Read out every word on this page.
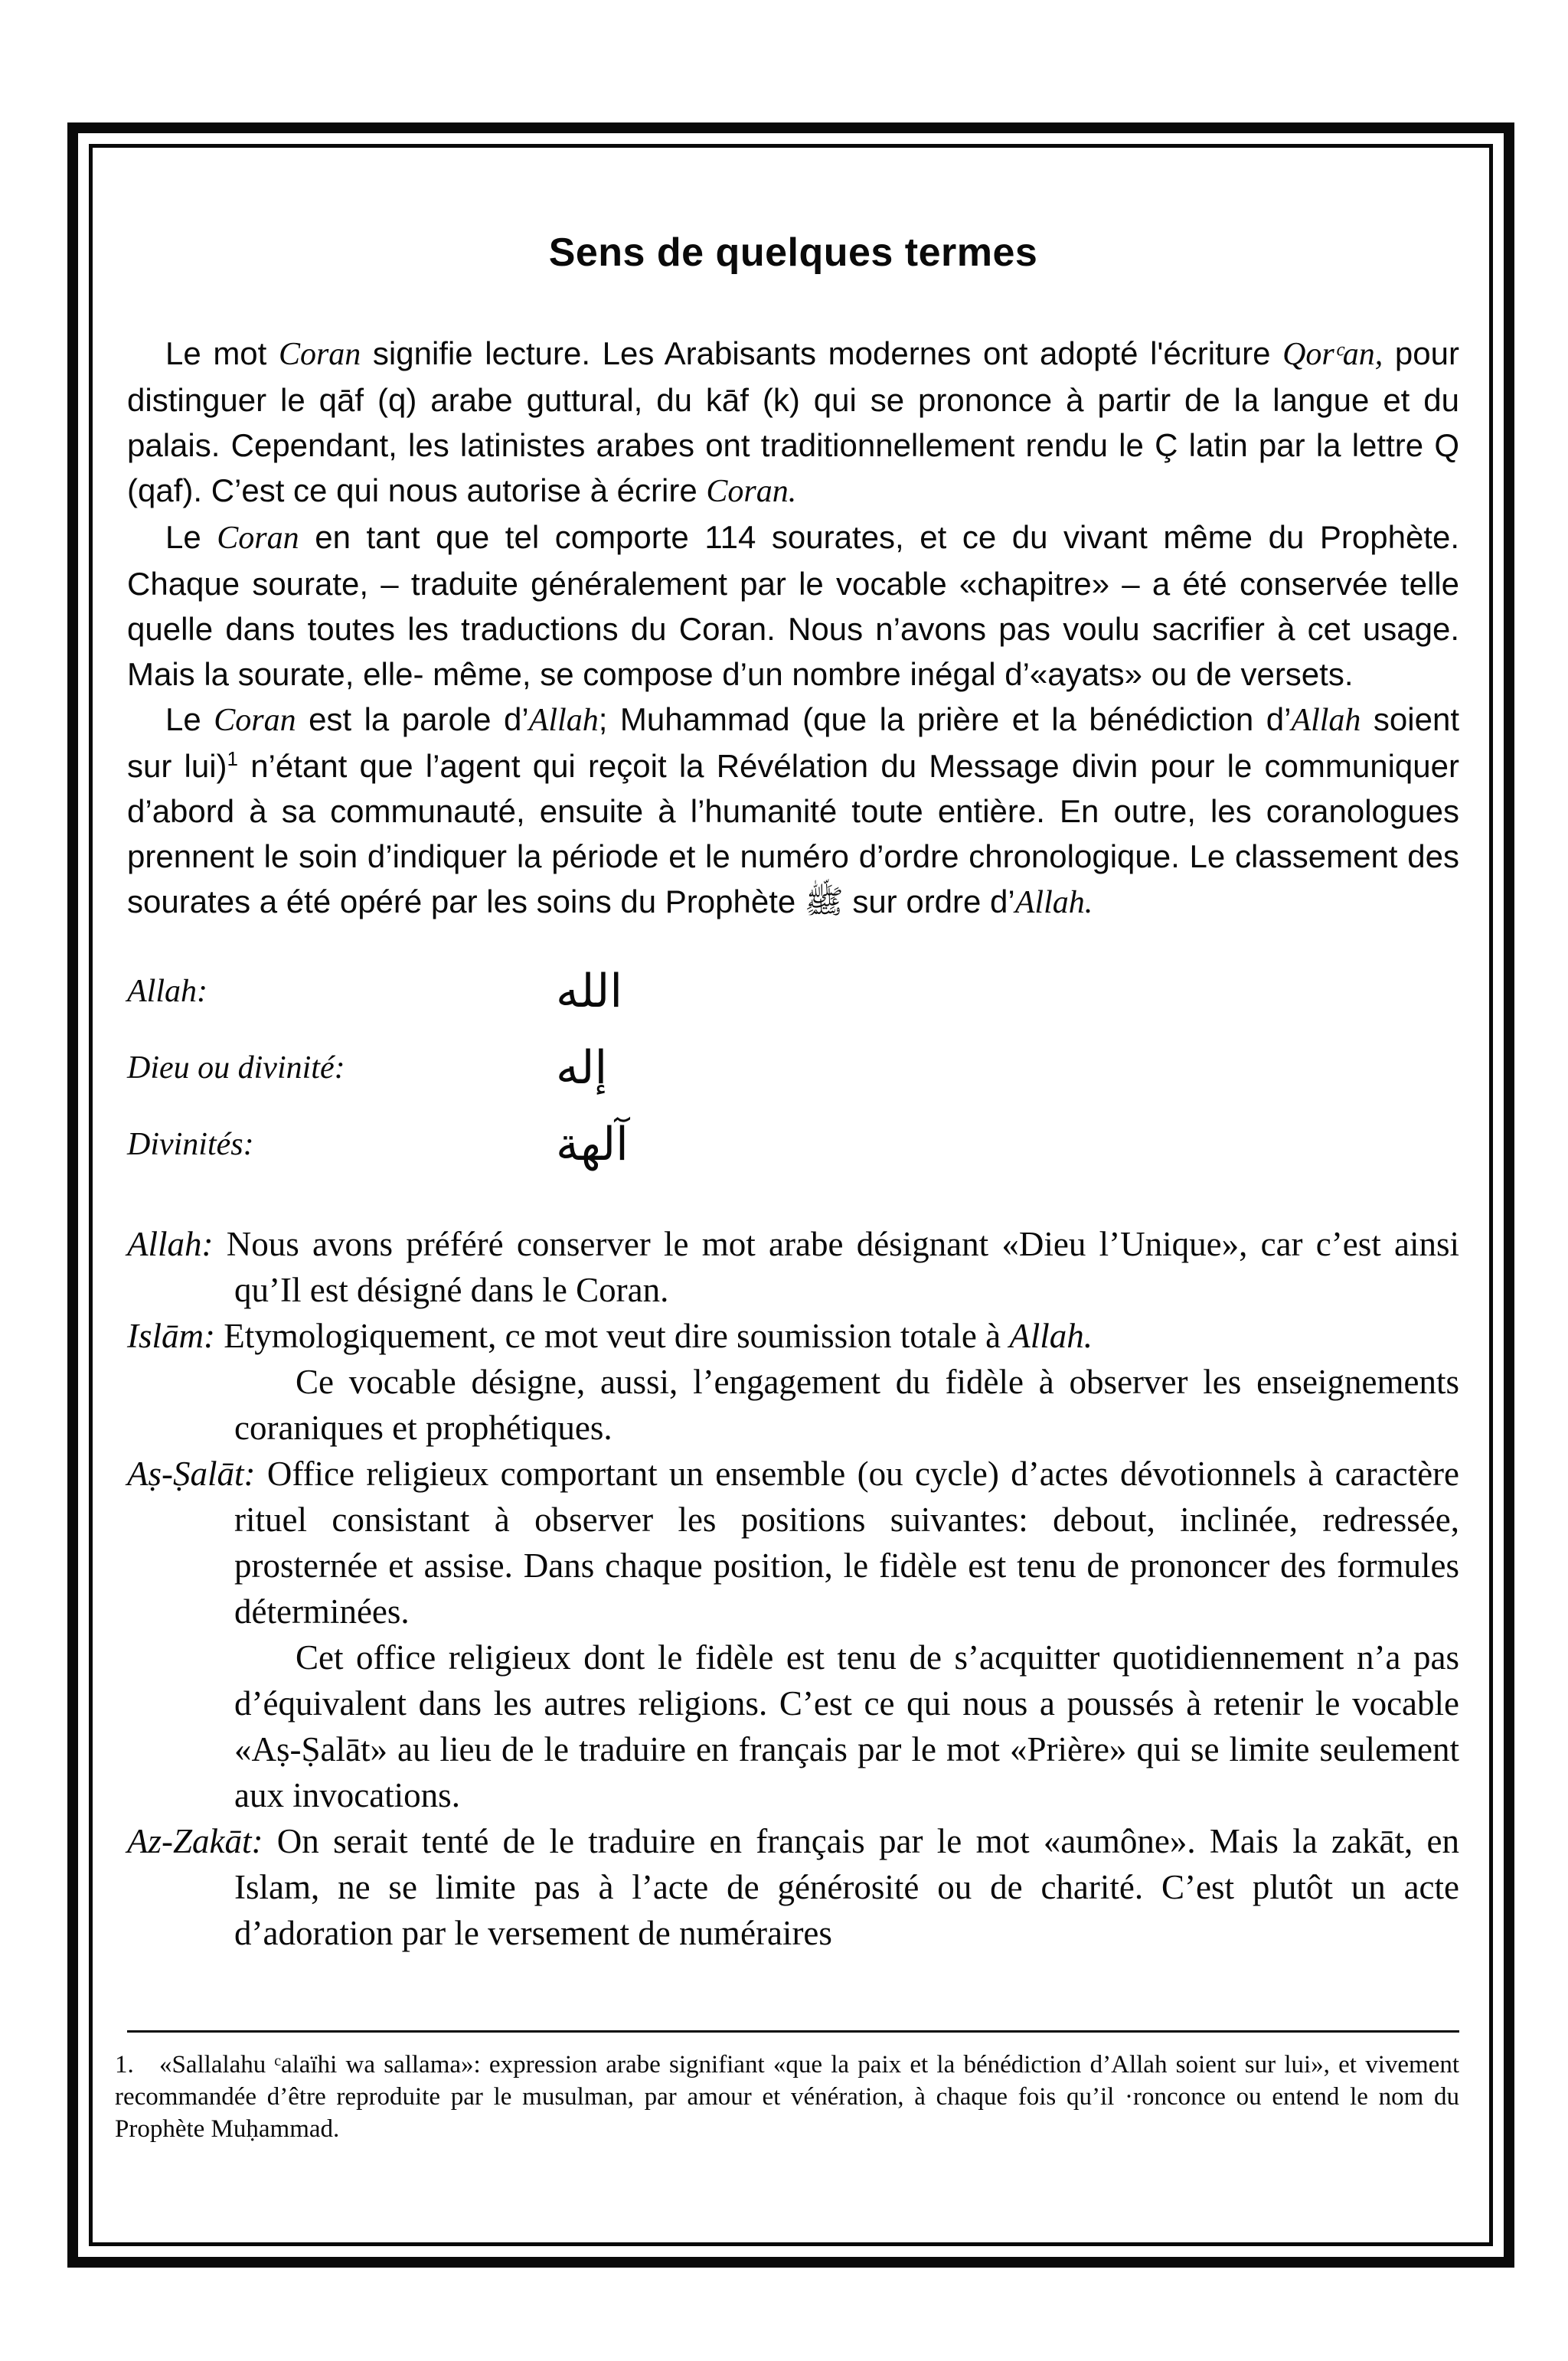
Sens de quelques termes

Le mot Coran signifie lecture. Les Arabisants modernes ont adopté l'écriture Qorᶜan, pour distinguer le qāf (q) arabe guttural, du kāf (k) qui se prononce à partir de la langue et du palais. Cependant, les latinistes arabes ont traditionnellement rendu le Ç latin par la lettre Q (qaf). C’est ce qui nous autorise à écrire Coran.

Le Coran en tant que tel comporte 114 sourates, et ce du vivant même du Prophète. Chaque sourate, – traduite généralement par le vocable «chapitre» – a été conservée telle quelle dans toutes les traductions du Coran. Nous n’avons pas voulu sacrifier à cet usage. Mais la sourate, elle- même, se compose d’un nombre inégal d’«ayats» ou de versets.

Le Coran est la parole d’Allah; Muhammad (que la prière et la bénédiction d’Allah soient sur lui)$^1$ n’étant que l’agent qui reçoit la Révélation du Message divin pour le communiquer d’abord à sa communauté, ensuite à l’humanité toute entière. En outre, les coranologues prennent le soin d’indiquer la période et le numéro d’ordre chronologique. Le classement des sourates a été opéré par les soins du Prophète ﷺ sur ordre d’Allah.

Allah:	الله
Dieu ou divinité:	إله
Divinités:	آلهة

Allah: Nous avons préféré conserver le mot arabe désignant «Dieu l’Unique», car c’est ainsi qu’Il est désigné dans le Coran.

Islām: Etymologiquement, ce mot veut dire soumission totale à Allah.

Ce vocable désigne, aussi, l’engagement du fidèle à observer les enseignements coraniques et prophétiques.

Aṣ-Ṣalāt: Office religieux comportant un ensemble (ou cycle) d’actes dévotionnels à caractère rituel consistant à observer les positions suivantes: debout, inclinée, redressée, prosternée et assise. Dans chaque position, le fidèle est tenu de prononcer des formules déterminées.

Cet office religieux dont le fidèle est tenu de s’acquitter quotidiennement n’a pas d’équivalent dans les autres religions. C’est ce qui nous a poussés à retenir le vocable «Aṣ-Ṣalāt» au lieu de le traduire en français par le mot «Prière» qui se limite seulement aux invocations.

Az-Zakāt: On serait tenté de le traduire en français par le mot «aumône». Mais la zakāt, en Islam, ne se limite pas à l’acte de générosité ou de charité. C’est plutôt un acte d’adoration par le versement de numéraires

1. «Sallalahu ᶜalaïhi wa sallama»: expression arabe signifiant «que la paix et la bénédiction d’Allah soient sur lui», et vivement recommandée d’être reproduite par le musulman, par amour et vénération, à chaque fois qu’il ·ronconce ou entend le nom du Prophète Muḥammad.
